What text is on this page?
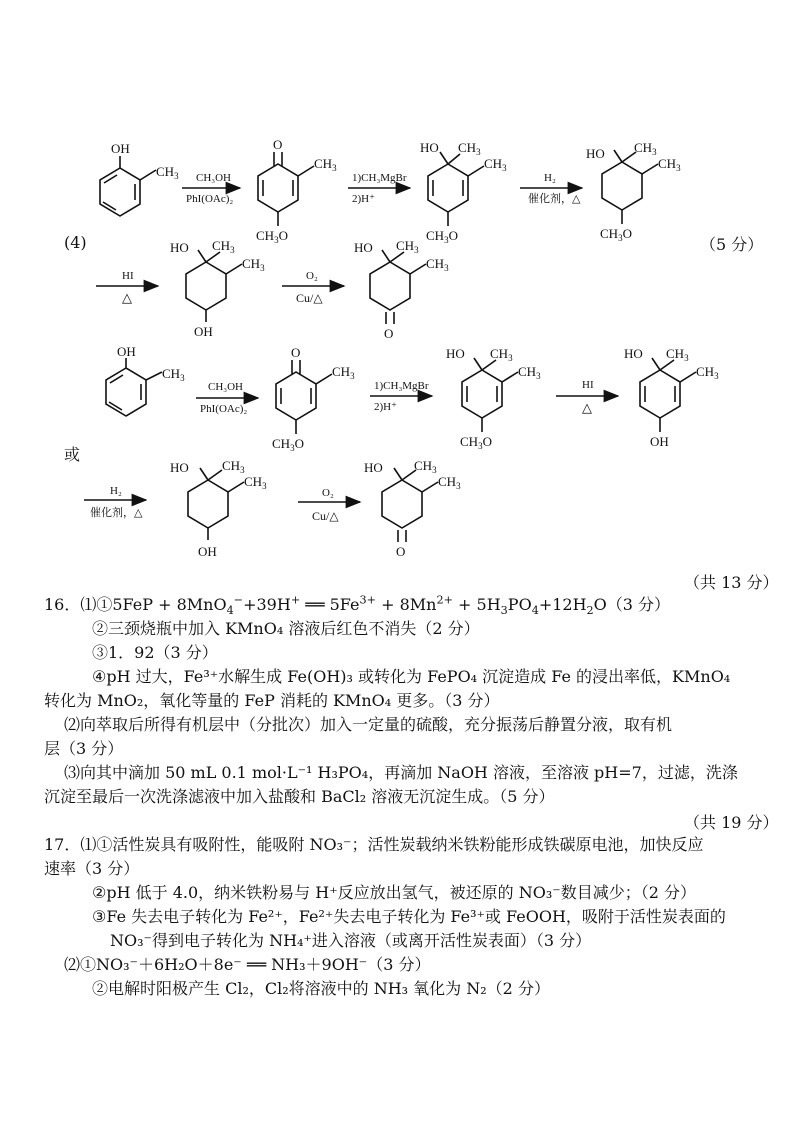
OH
$CH_3$ CH₃OH
PhI(OAc)₂
O
$CH_3$
$CH_3O$
1)CH₃MgBr
2)H⁺
HO $CH_3$
$CH_3$
$CH_3O$
H₂
催化剂，△
HO $CH_3$
$CH_3$
$CH_3O$
HI
△
HO $CH_3$
$CH_3$
OH
O₂
Cu/△
HO $CH_3$
$CH_3$
O
OH
$CH_3$
CH₃OH
PhI(OAc)₂
O
$CH_3$
$CH_3O$
1)CH₃MgBr
2)H⁺
HO $CH_3$
$CH_3$
$CH_3O$
HI
△
HO $CH_3$
$CH_3$
OH
H₂
催化剂，△
HO	$CH_3$
$CH_3$
OH
O₂
Cu/△
HO $CH_3$
$CH_3$
O
(4)	（5 分）
或
（共 13 分）
16．⑴①5FeP + 8MnO$_4$−+39H+ ══ $5Fe^{3+} + 8Mn^{2+} + 5H_3PO_4+12H_2O(3$ 分）
②三颈烧瓶中加入 KMnO₄ 溶液后红色不消失（2 分）
③1．92（3 分）
④pH 过大，Fe³⁺水解生成 Fe(OH)₃ 或转化为 FePO₄ 沉淀造成 Fe 的浸出率低，KMnO₄
转化为 MnO₂，氧化等量的 FeP 消耗的 KMnO₄ 更多。（3 分）
⑵向萃取后所得有机层中（分批次）加入一定量的硫酸，充分振荡后静置分液，取有机
层（3 分）
⑶向其中滴加 50 mL 0.1 mol·L⁻¹ H₃PO₄，再滴加 NaOH 溶液，至溶液 pH=7，过滤，洗涤
沉淀至最后一次洗涤滤液中加入盐酸和 BaCl₂ 溶液无沉淀生成。（5 分）
（共 19 分）
17．⑴①活性炭具有吸附性，能吸附 NO₃⁻；活性炭载纳米铁粉能形成铁碳原电池，加快反应
速率（3 分）
②pH 低于 4.0，纳米铁粉易与 H⁺反应放出氢气，被还原的 NO₃⁻数目减少；（2 分）
③Fe 失去电子转化为 Fe²⁺，Fe²⁺失去电子转化为 Fe³⁺或 FeOOH，吸附于活性炭表面的
NO₃⁻得到电子转化为 NH₄⁺进入溶液（或离开活性炭表面）（3 分）
⑵①NO₃⁻＋6H₂O＋8e⁻ ══ NH₃＋9OH⁻（3 分）
②电解时阳极产生 Cl₂，Cl₂将溶液中的 NH₃ 氧化为 N₂（2 分）
